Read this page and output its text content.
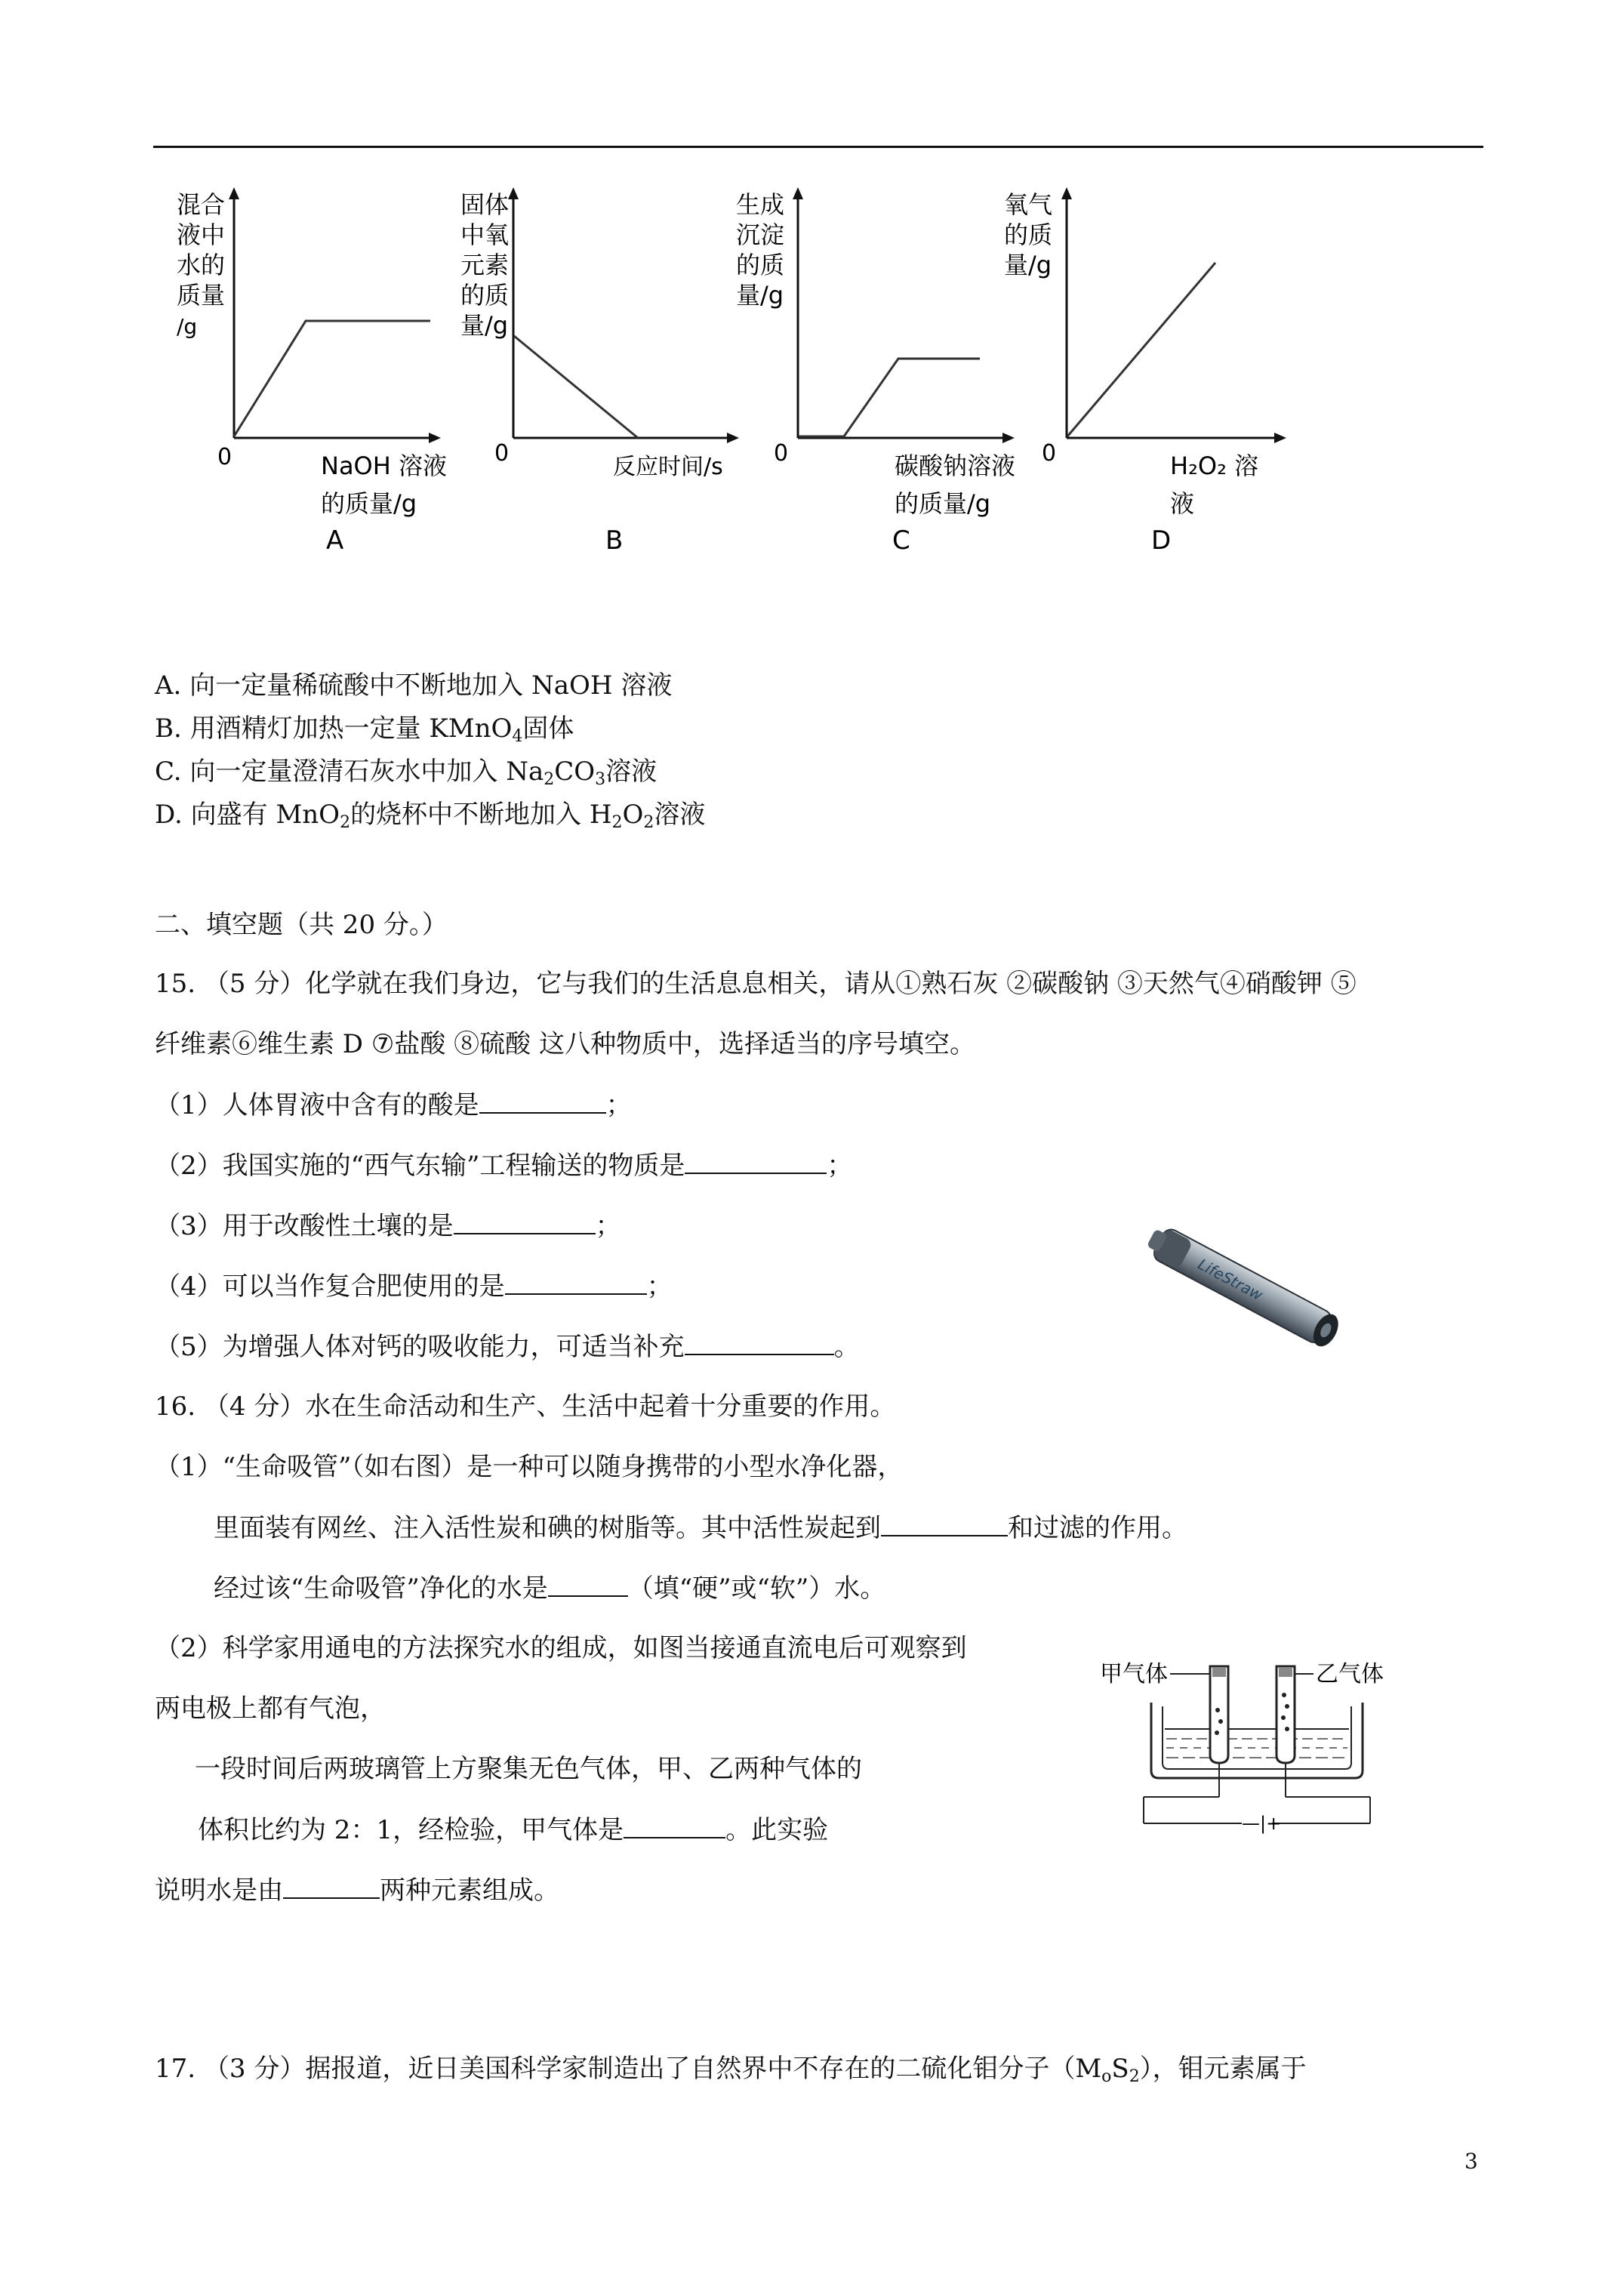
混合
液中
水的
质量
/g
0	NaOH 溶液
的质量/g
A
固体
中氧
元素
的质
量/g
0
反应时间/s
B
生成
沉淀
的质
量/g
0	碳酸钠溶液
的质量/g
C
氧气
的质
量/g
0	H₂O₂ 溶
液
D
A. 向一定量稀硫酸中不断地加入 NaOH 溶液
B. 用酒精灯加热一定量 KMnO$_4$固体
C. 向一定量澄清石灰水中加入 $Na_2CO_3$溶液
D. 向盛有 MnO$_2$的烧杯中不断地加入 $H_2O_2$溶液
二、填空题（共 20 分。）
15. （5 分）化学就在我们身边，它与我们的生活息息相关，请从①熟石灰 ②碳酸钠 ③天然气④硝酸钾 ⑤
纤维素⑥维生素 D ⑦盐酸 ⑧硫酸 这八种物质中，选择适当的序号填空。
（1）人体胃液中含有的酸是	；
（2）我国实施的“西气东输”工程输送的物质是	；
（3）用于改酸性土壤的是	；
（4）可以当作复合肥使用的是	；
（5）为增强人体对钙的吸收能力，可适当补充	。
LifeStraw
16. （4 分）水在生命活动和生产、生活中起着十分重要的作用。
（1）“生命吸管”（如右图）是一种可以随身携带的小型水净化器，
里面装有网丝、注入活性炭和碘的树脂等。其中活性炭起到	和过滤的作用。
经过该“生命吸管”净化的水是	（填“硬”或“软”）水。
（2）科学家用通电的方法探究水的组成，如图当接通直流电后可观察到
两电极上都有气泡，
一段时间后两玻璃管上方聚集无色气体，甲、乙两种气体的
体积比约为 2：1，经检验，甲气体是	。此实验
说明水是由	两种元素组成。
甲气体	乙气体
—|+
17. （3 分）据报道，近日美国科学家制造出了自然界中不存在的二硫化钼分子$(M_oS_2)$，钼元素属于
3
